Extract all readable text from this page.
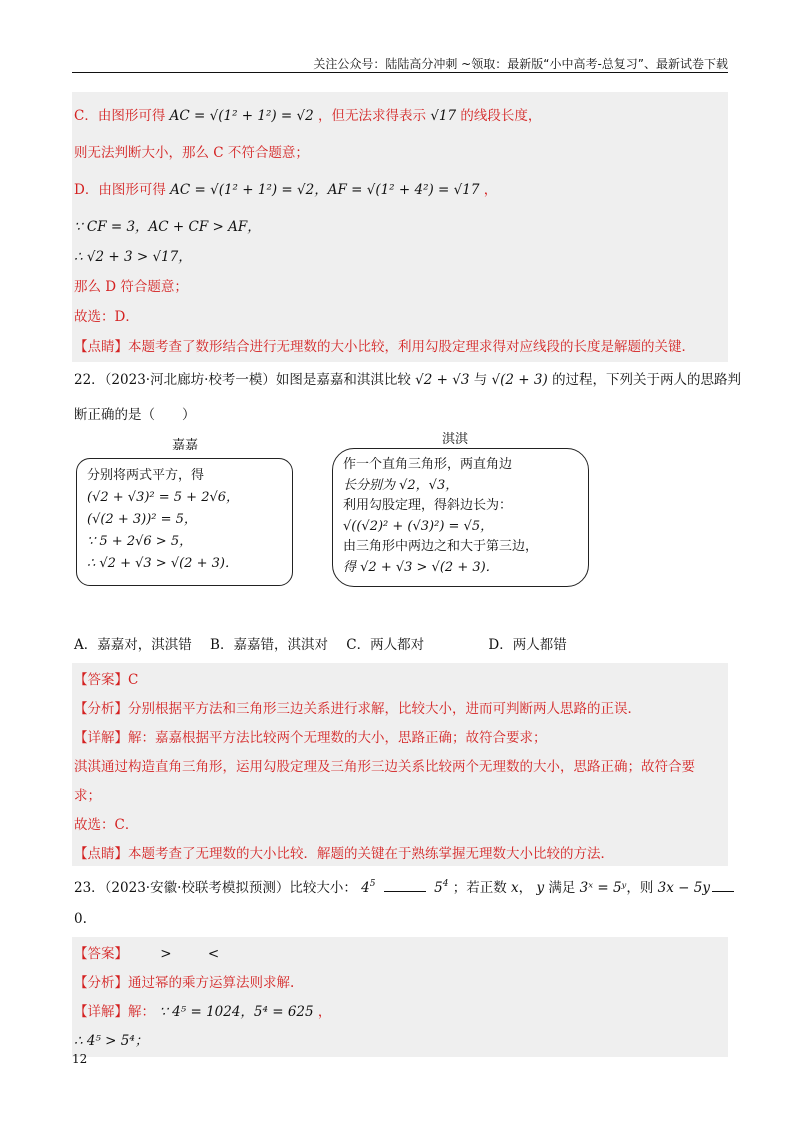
关注公众号：陆陆高分冲刺 ~领取：最新版“小中高考-总复习”、最新试卷下载
C．由图形可得 AC = √(1² + 1²) = √2 ，但无法求得表示 √17 的线段长度，
则无法判断大小，那么 C 不符合题意；
D．由图形可得 AC = √(1² + 1²) = √2，AF = √(1² + 4²) = √17 ，
∵ CF = 3，AC + CF > AF，
∴ √2 + 3 > √17，
那么 D 符合题意；
故选：D．
【点睛】本题考查了数形结合进行无理数的大小比较，利用勾股定理求得对应线段的长度是解题的关键．
22．（2023·河北廊坊·校考一模）如图是嘉嘉和淇淇比较 √2 + √3 与 √(2 + 3) 的过程，下列关于两人的思路判
断正确的是（　　）
嘉嘉	淇淇
分别将两式平方，得
(√2 + √3)² = 5 + 2√6，
(√(2 + 3))² = 5，
∵ 5 + 2√6 > 5，
∴ √2 + √3 > √(2 + 3)．
作一个直角三角形，两直角边
长分别为 √2，√3，
利用勾股定理，得斜边长为：
√((√2)² + (√3)²) = √5，
由三角形中两边之和大于第三边，
得 √2 + √3 > √(2 + 3)．
A．嘉嘉对，淇淇错 B．嘉嘉错，淇淇对 C．两人都对	D．两人都错
【答案】C
【分析】分别根据平方法和三角形三边关系进行求解，比较大小，进而可判断两人思路的正误．
【详解】解：嘉嘉根据平方法比较两个无理数的大小，思路正确；故符合要求；
淇淇通过构造直角三角形，运用勾股定理及三角形三边关系比较两个无理数的大小，思路正确；故符合要
求；
故选：C．
【点睛】本题考查了无理数的大小比较．解题的关键在于熟练掌握无理数大小比较的方法．
23．（2023·安徽·校联考模拟预测）比较大小： $4^5$	$5^4$ ；若正数 x， y 满足 3ˣ = 5ʸ，则 3x − 5y
0.
【答案】 >	<
【分析】通过幂的乘方运算法则求解.
【详解】解： ∵ 4⁵ = 1024，5⁴ = 625 ，
∴ 4⁵ > 5⁴；
12
